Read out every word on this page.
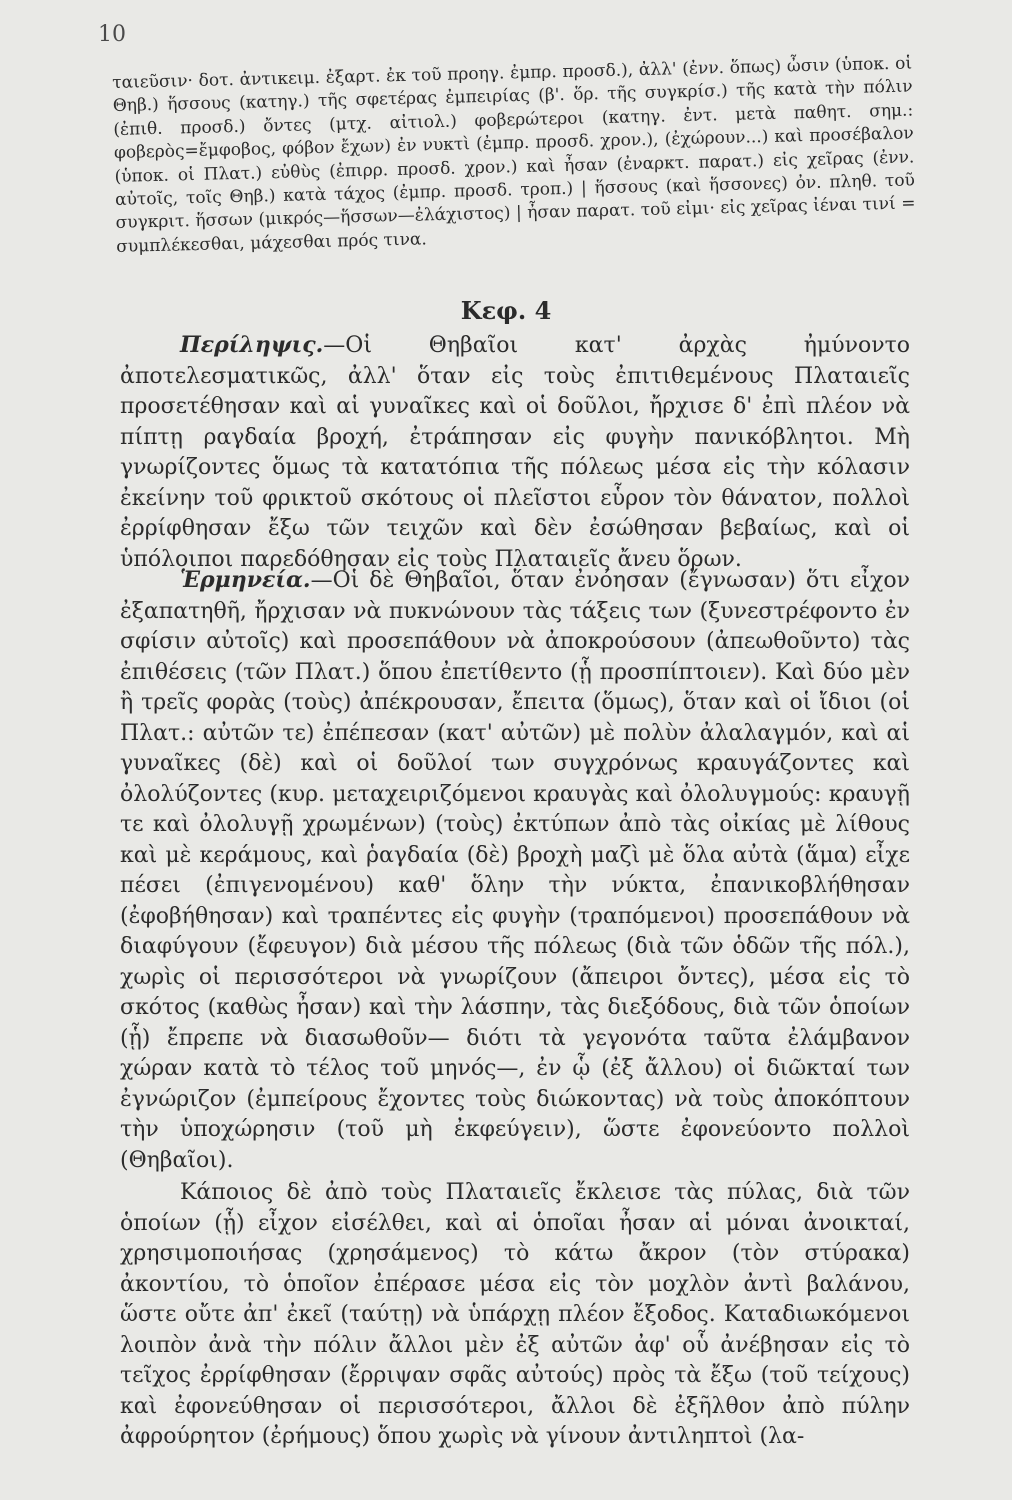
10

ταιεῦσιν· δοτ. ἀντικειμ. ἐξαρτ. ἐκ τοῦ προηγ. ἐμπρ. προσδ.), ἀλλ' (ἐνν. ὅπως) ὦσιν (ὑποκ. οἱ Θηβ.) ἥσσους (κατηγ.) τῆς σφετέρας ἐμπειρίας (β'. ὅρ. τῆς συγκρίσ.) τῆς κατὰ τὴν πόλιν (ἐπιθ. προσδ.) ὄντες (μτχ. αἰτιολ.) φοβερώτεροι (κατηγ. ἐντ. μετὰ παθητ. σημ.: φοβερὸς=ἔμφοβος, φόβον ἔχων) ἐν νυκτὶ (ἐμπρ. προσδ. χρον.), (ἐχώρουν...) καὶ προσέβαλον (ὑποκ. οἱ Πλατ.) εὐθὺς (ἐπιρρ. προσδ. χρον.) καὶ ἦσαν (ἐναρκτ. παρατ.) εἰς χεῖρας (ἐνν. αὐτοῖς, τοῖς Θηβ.) κατὰ τάχος (ἐμπρ. προσδ. τροπ.) | ἥσσους (καὶ ἥσσονες) ὀν. πληθ. τοῦ συγκριτ. ἥσσων (μικρός—ἥσσων—ἐλάχιστος) | ἦσαν παρατ. τοῦ εἰμι· εἰς χεῖρας ἰέναι τινί = συμπλέκεσθαι, μάχεσθαι πρός τινα.

Κεφ. 4

Περίληψις.—Οἱ Θηβαῖοι κατ' ἀρχὰς ἠμύνοντο ἀποτελεσματικῶς, ἀλλ' ὅταν εἰς τοὺς ἐπιτιθεμένους Πλαταιεῖς προσετέθησαν καὶ αἱ γυναῖκες καὶ οἱ δοῦλοι, ἤρχισε δ' ἐπὶ πλέον νὰ πίπτῃ ραγδαία βροχή, ἐτράπησαν εἰς φυγὴν πανικόβλητοι. Μὴ γνωρίζοντες ὅμως τὰ κατατόπια τῆς πόλεως μέσα εἰς τὴν κόλασιν ἐκείνην τοῦ φρικτοῦ σκότους οἱ πλεῖστοι εὗρον τὸν θάνατον, πολλοὶ ἐρρίφθησαν ἔξω τῶν τειχῶν καὶ δὲν ἐσώθησαν βεβαίως, καὶ οἱ ὑπόλοιποι παρεδόθησαν εἰς τοὺς Πλαταιεῖς ἄνευ ὅρων.

Ἑρμηνεία.—Οἱ δὲ Θηβαῖοι, ὅταν ἐνόησαν (ἔγνωσαν) ὅτι εἶχον ἐξαπατηθῆ, ἤρχισαν νὰ πυκνώνουν τὰς τάξεις των (ξυνεστρέφοντο ἐν σφίσιν αὐτοῖς) καὶ προσεπάθουν νὰ ἀποκρούσουν (ἀπεωθοῦντο) τὰς ἐπιθέσεις (τῶν Πλατ.) ὅπου ἐπετίθεντο (ᾗ προσπίπτοιεν). Καὶ δύο μὲν ἢ τρεῖς φορὰς (τοὺς) ἀπέκρουσαν, ἔπειτα (ὅμως), ὅταν καὶ οἱ ἴδιοι (οἱ Πλατ.: αὐτῶν τε) ἐπέπεσαν (κατ' αὐτῶν) μὲ πολὺν ἀλαλαγμόν, καὶ αἱ γυναῖκες (δὲ) καὶ οἱ δοῦλοί των συγχρόνως κραυγάζοντες καὶ ὀλολύζοντες (κυρ. μεταχειριζόμενοι κραυγὰς καὶ ὀλολυγμούς: κραυγῇ τε καὶ ὀλολυγῇ χρωμένων) (τοὺς) ἐκτύπων ἀπὸ τὰς οἰκίας μὲ λίθους καὶ μὲ κεράμους, καὶ ῥαγδαία (δὲ) βροχὴ μαζὶ μὲ ὅλα αὐτὰ (ἅμα) εἶχε πέσει (ἐπιγενομένου) καθ' ὅλην τὴν νύκτα, ἐπανικοβλήθησαν (ἐφοβήθησαν) καὶ τραπέντες εἰς φυγὴν (τραπόμενοι) προσεπάθουν νὰ διαφύγουν (ἔφευγον) διὰ μέσου τῆς πόλεως (διὰ τῶν ὁδῶν τῆς πόλ.), χωρὶς οἱ περισσότεροι νὰ γνωρίζουν (ἄπειροι ὄντες), μέσα εἰς τὸ σκότος (καθὼς ἦσαν) καὶ τὴν λάσπην, τὰς διεξόδους, διὰ τῶν ὁποίων (ᾗ) ἔπρεπε νὰ διασωθοῦν— διότι τὰ γεγονότα ταῦτα ἐλάμβανον χώραν κατὰ τὸ τέλος τοῦ μηνός—, ἐν ᾧ (ἐξ ἄλλου) οἱ διῶκταί των ἐγνώριζον (ἐμπείρους ἔχοντες τοὺς διώκοντας) νὰ τοὺς ἀποκόπτουν τὴν ὑποχώρησιν (τοῦ μὴ ἐκφεύγειν), ὥστε ἐφονεύοντο πολλοὶ (Θηβαῖοι).

Κάποιος δὲ ἀπὸ τοὺς Πλαταιεῖς ἔκλεισε τὰς πύλας, διὰ τῶν ὁποίων (ᾗ) εἶχον εἰσέλθει, καὶ αἱ ὁποῖαι ἦσαν αἱ μόναι ἀνοικταί, χρησιμοποιήσας (χρησάμενος) τὸ κάτω ἄκρον (τὸν στύρακα) ἀκοντίου, τὸ ὁποῖον ἐπέρασε μέσα εἰς τὸν μοχλὸν ἀντὶ βαλάνου, ὥστε οὔτε ἀπ' ἐκεῖ (ταύτῃ) νὰ ὑπάρχῃ πλέον ἔξοδος. Καταδιωκόμενοι λοιπὸν ἀνὰ τὴν πόλιν ἄλλοι μὲν ἐξ αὐτῶν ἀφ' οὗ ἀνέβησαν εἰς τὸ τεῖχος ἐρρίφθησαν (ἔρριψαν σφᾶς αὐτούς) πρὸς τὰ ἔξω (τοῦ τείχους) καὶ ἐφονεύθησαν οἱ περισσότεροι, ἄλλοι δὲ ἐξῆλθον ἀπὸ πύλην ἀφρούρητον (ἐρήμους) ὅπου χωρὶς νὰ γίνουν ἀντιληπτοὶ (λα-
